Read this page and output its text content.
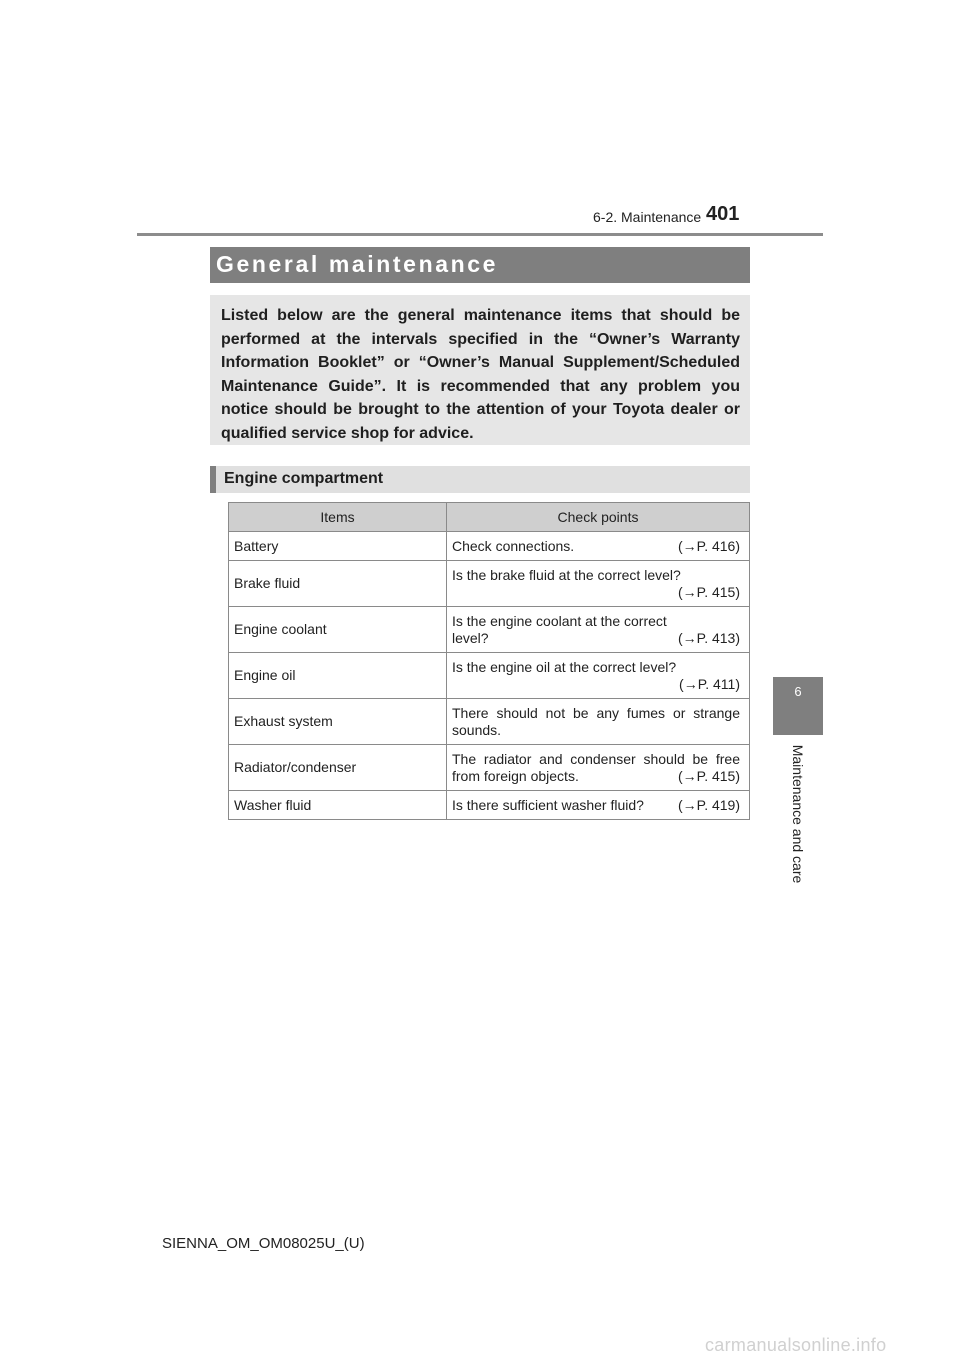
6-2. Maintenance 401
General maintenance

Listed below are the general maintenance items that should be performed at the intervals specified in the “Owner’s Warranty Information Booklet” or “Owner’s Manual Supplement/Scheduled Maintenance Guide”. It is recommended that any problem you notice should be brought to the attention of your Toyota dealer or qualified service shop for advice.

Engine compartment
Items	Check points
Battery	Check connections. (→P. 416)

Brake fluid	Is the brake fluid at the correct level?
(→P. 415)

Engine coolant	Is the engine coolant at the correct
level? (→P. 413)

Engine oil	Is the engine oil at the correct level?
(→P. 411)

Exhaust system	There should not be any fumes or strange
sounds.

Radiator/condenser	The radiator and condenser should be free
from foreign objects. (→P. 415)

Washer fluid	Is there sufficient washer fluid? (→P. 419)
6
Maintenance and care
SIENNA_OM_OM08025U_(U)
carmanualsonline.info
